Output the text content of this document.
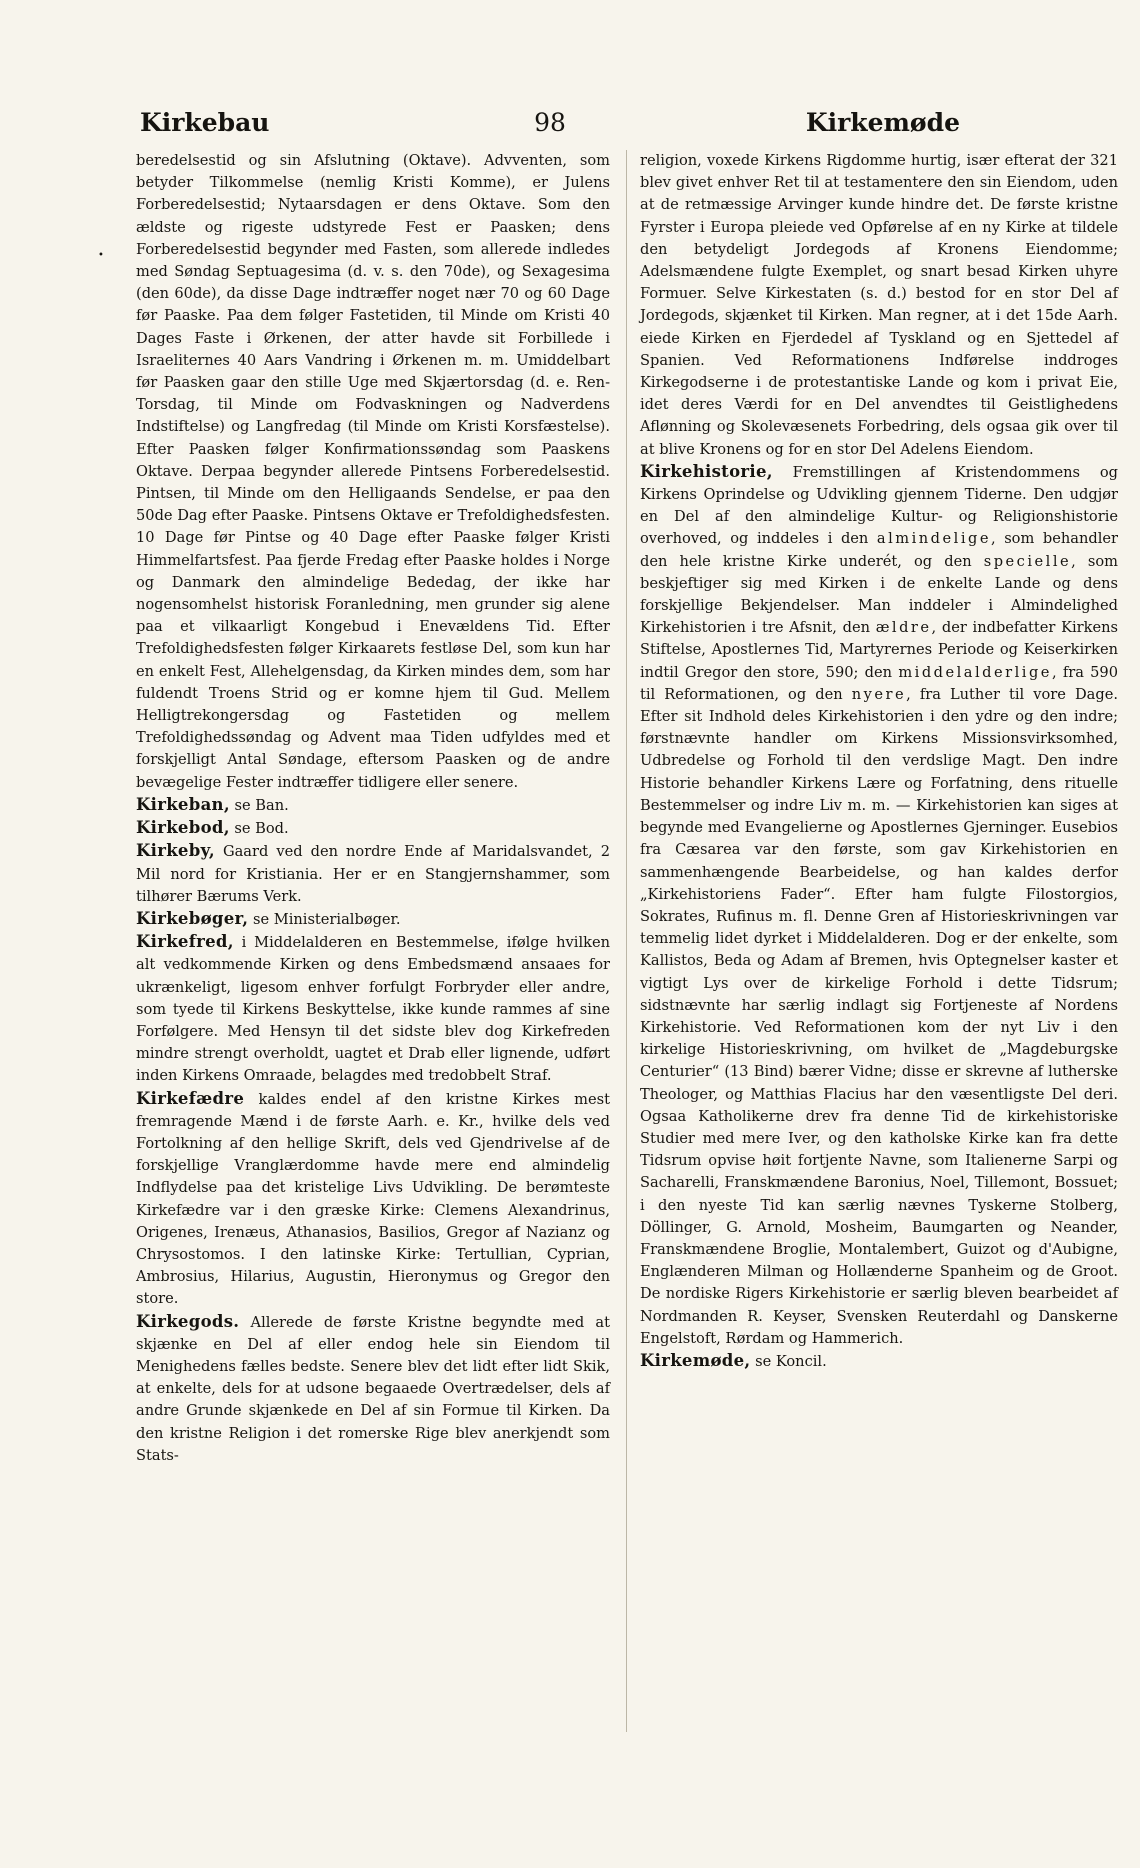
Kirkebau	98	Kirkemøde
•

beredelsestid og sin Afslutning (Oktave). Advventen, som betyder Tilkommelse (nemlig Kristi Komme), er Julens Forberedelsestid; Nytaarsdagen er dens Oktave. Som den ældste og rigeste udstyrede Fest er Paasken; dens Forberedelsestid begynder med Fasten, som allerede indledes med Søndag Septuagesima (d. v. s. den 70de), og Sexagesima (den 60de), da disse Dage indtræffer noget nær 70 og 60 Dage før Paaske. Paa dem følger Fastetiden, til Minde om Kristi 40 Dages Faste i Ørkenen, der atter havde sit Forbillede i Israeliternes 40 Aars Vandring i Ørkenen m. m. Umiddelbart før Paasken gaar den stille Uge med Skjærtorsdag (d. e. Ren-Torsdag, til Minde om Fodvaskningen og Nadverdens Indstiftelse) og Langfredag (til Minde om Kristi Korsfæstelse). Efter Paasken følger Konfirmationssøndag som Paaskens Oktave. Derpaa begynder allerede Pintsens Forberedelsestid. Pintsen, til Minde om den Helligaands Sendelse, er paa den 50de Dag efter Paaske. Pintsens Oktave er Trefoldighedsfesten. 10 Dage før Pintse og 40 Dage efter Paaske følger Kristi Himmelfartsfest. Paa fjerde Fredag efter Paaske holdes i Norge og Danmark den almindelige Bededag, der ikke har nogensomhelst historisk Foranledning, men grunder sig alene paa et vilkaarligt Kongebud i Enevældens Tid. Efter Trefoldighedsfesten følger Kirkaarets festløse Del, som kun har en enkelt Fest, Allehelgensdag, da Kirken mindes dem, som har fuldendt Troens Strid og er komne hjem til Gud. Mellem Helligtrekongersdag og Fastetiden og mellem Trefoldighedssøndag og Advent maa Tiden udfyldes med et forskjelligt Antal Søndage, eftersom Paasken og de andre bevægelige Fester indtræffer tidligere eller senere.

Kirkeban, se Ban.

Kirkebod, se Bod.

Kirkeby, Gaard ved den nordre Ende af Maridalsvandet, 2 Mil nord for Kristiania. Her er en Stangjernshammer, som tilhører Bærums Verk.

Kirkebøger, se Ministerialbøger.

Kirkefred, i Middelalderen en Bestemmelse, ifølge hvilken alt vedkommende Kirken og dens Embedsmænd ansaaes for ukrænkeligt, ligesom enhver forfulgt Forbryder eller andre, som tyede til Kirkens Beskyttelse, ikke kunde rammes af sine Forfølgere. Med Hensyn til det sidste blev dog Kirkefreden mindre strengt overholdt, uagtet et Drab eller lignende, udført inden Kirkens Omraade, belagdes med tredobbelt Straf.

Kirkefædre kaldes endel af den kristne Kirkes mest fremragende Mænd i de første Aarh. e. Kr., hvilke dels ved Fortolkning af den hellige Skrift, dels ved Gjendrivelse af de forskjellige Vranglærdomme havde mere end almindelig Indflydelse paa det kristelige Livs Udvikling. De berømteste Kirkefædre var i den græske Kirke: Clemens Alexandrinus, Origenes, Irenæus, Athanasios, Basilios, Gregor af Nazianz og Chrysostomos. I den latinske Kirke: Tertullian, Cyprian, Ambrosius, Hilarius, Augustin, Hieronymus og Gregor den store.

Kirkegods. Allerede de første Kristne begyndte med at skjænke en Del af eller endog hele sin Eiendom til Menighedens fælles bedste. Senere blev det lidt efter lidt Skik, at enkelte, dels for at udsone begaaede Overtrædelser, dels af andre Grunde skjænkede en Del af sin Formue til Kirken. Da den kristne Religion i det romerske Rige blev anerkjendt som Stats-

religion, voxede Kirkens Rigdomme hurtig, især efterat der 321 blev givet enhver Ret til at testamentere den sin Eiendom, uden at de retmæssige Arvinger kunde hindre det. De første kristne Fyrster i Europa pleiede ved Opførelse af en ny Kirke at tildele den betydeligt Jordegods af Kronens Eiendomme; Adelsmændene fulgte Exemplet, og snart besad Kirken uhyre Formuer. Selve Kirkestaten (s. d.) bestod for en stor Del af Jordegods, skjænket til Kirken. Man regner, at i det 15de Aarh. eiede Kirken en Fjerdedel af Tyskland og en Sjettedel af Spanien. Ved Reformationens Indførelse inddroges Kirkegodserne i de protestantiske Lande og kom i privat Eie, idet deres Værdi for en Del anvendtes til Geistlighedens Aflønning og Skolevæsenets Forbedring, dels ogsaa gik over til at blive Kronens og for en stor Del Adelens Eiendom.

Kirkehistorie, Fremstillingen af Kristendommens og Kirkens Oprindelse og Udvikling gjennem Tiderne. Den udgjør en Del af den almindelige Kultur- og Religionshistorie overhoved, og inddeles i den almindelige, som behandler den hele kristne Kirke underét, og den specielle, som beskjeftiger sig med Kirken i de enkelte Lande og dens forskjellige Bekjendelser. Man inddeler i Almindelighed Kirkehistorien i tre Afsnit, den ældre, der indbefatter Kirkens Stiftelse, Apostlernes Tid, Martyrernes Periode og Keiserkirken indtil Gregor den store, 590; den middelalderlige, fra 590 til Reformationen, og den nyere, fra Luther til vore Dage. Efter sit Indhold deles Kirkehistorien i den ydre og den indre; førstnævnte handler om Kirkens Missionsvirksomhed, Udbredelse og Forhold til den verdslige Magt. Den indre Historie behandler Kirkens Lære og Forfatning, dens rituelle Bestemmelser og indre Liv m. m. — Kirkehistorien kan siges at begynde med Evangelierne og Apostlernes Gjerninger. Eusebios fra Cæsarea var den første, som gav Kirkehistorien en sammenhængende Bearbeidelse, og han kaldes derfor „Kirkehistoriens Fader“. Efter ham fulgte Filostorgios, Sokrates, Rufinus m. fl. Denne Gren af Historieskrivningen var temmelig lidet dyrket i Middelalderen. Dog er der enkelte, som Kallistos, Beda og Adam af Bremen, hvis Optegnelser kaster et vigtigt Lys over de kirkelige Forhold i dette Tidsrum; sidstnævnte har særlig indlagt sig Fortjeneste af Nordens Kirkehistorie. Ved Reformationen kom der nyt Liv i den kirkelige Historieskrivning, om hvilket de „Magdeburgske Centurier“ (13 Bind) bærer Vidne; disse er skrevne af lutherske Theologer, og Matthias Flacius har den væsentligste Del deri. Ogsaa Katholikerne drev fra denne Tid de kirkehistoriske Studier med mere Iver, og den katholske Kirke kan fra dette Tidsrum opvise høit fortjente Navne, som Italienerne Sarpi og Sacharelli, Franskmændene Baronius, Noel, Tillemont, Bossuet; i den nyeste Tid kan særlig nævnes Tyskerne Stolberg, Döllinger, G. Arnold, Mosheim, Baumgarten og Neander, Franskmændene Broglie, Montalembert, Guizot og d'Aubigne, Englænderen Milman og Hollænderne Spanheim og de Groot. De nordiske Rigers Kirkehistorie er særlig bleven bearbeidet af Nordmanden R. Keyser, Svensken Reuterdahl og Danskerne Engelstoft, Rørdam og Hammerich.

Kirkemøde, se Koncil.
